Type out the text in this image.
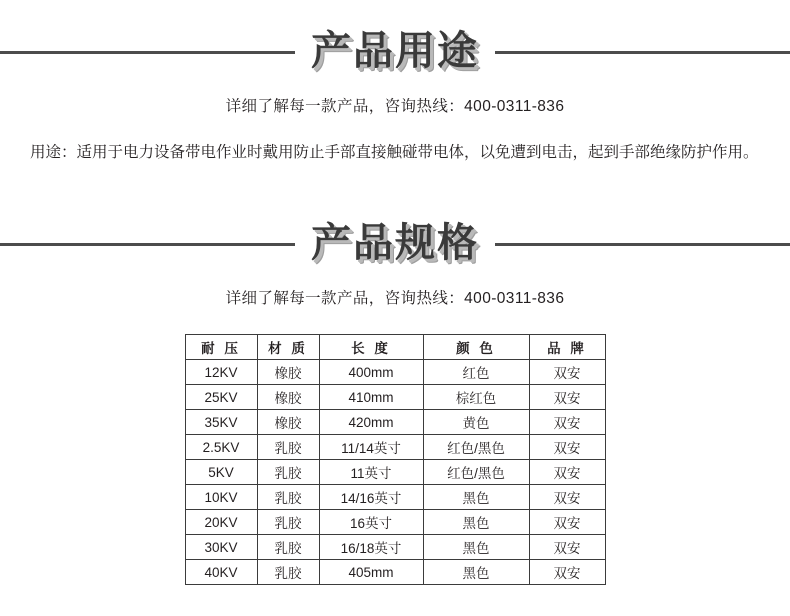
产品用途
详细了解每一款产品，咨询热线：400-0311-836
用途：适用于电力设备带电作业时戴用防止手部直接触碰带电体，以免遭到电击，起到手部绝缘防护作用。
产品规格
详细了解每一款产品，咨询热线：400-0311-836
耐 压	材 质	长 度	颜 色	品 牌
12KV	橡胶	400mm	红色	双安
25KV	橡胶	410mm	棕红色	双安
35KV	橡胶	420mm	黄色	双安
2.5KV	乳胶	11/14英寸	红色/黑色	双安
5KV	乳胶	11英寸	红色/黑色	双安
10KV	乳胶	14/16英寸	黑色	双安
20KV	乳胶	16英寸	黑色	双安
30KV	乳胶	16/18英寸	黑色	双安
40KV	乳胶	405mm	黑色	双安
